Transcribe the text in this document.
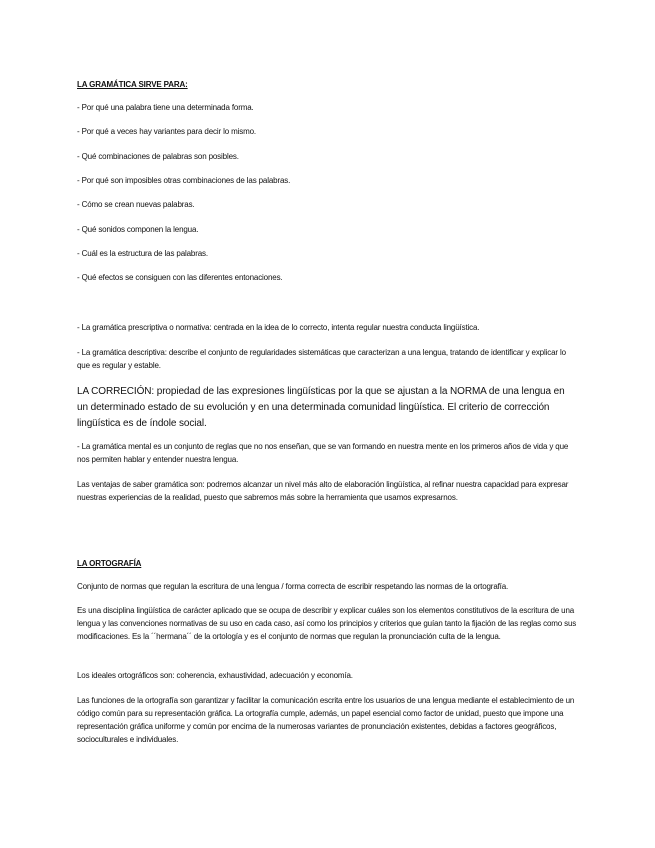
LA GRAMÁTICA SIRVE PARA:
- Por qué una palabra tiene una determinada forma.
- Por qué a veces hay variantes para decir lo mismo.
- Qué combinaciones de palabras son posibles.
- Por qué son imposibles otras combinaciones de las palabras.
- Cómo se crean nuevas palabras.
- Qué sonidos componen la lengua.
- Cuál es la estructura de las palabras.
- Qué efectos se consiguen con las diferentes entonaciones.
- La gramática prescriptiva o normativa: centrada en la idea de lo correcto, intenta regular nuestra conducta lingüística.
- La gramática descriptiva: describe el conjunto de regularidades sistemáticas que caracterizan a una lengua, tratando de identificar y explicar lo que es regular y estable.
LA CORRECIÓN: propiedad de las expresiones lingüísticas por la que se ajustan a la NORMA de una lengua en un determinado estado de su evolución y en una determinada comunidad lingüística. El criterio de corrección lingüística es de índole social.
- La gramática mental es un conjunto de reglas que no nos enseñan, que se van formando en nuestra mente en los primeros años de vida y que nos permiten hablar y entender nuestra lengua.
Las ventajas de saber gramática son: podremos alcanzar un nivel más alto de elaboración lingüística, al refinar nuestra capacidad para expresar nuestras experiencias de la realidad, puesto que sabremos más sobre la herramienta que usamos expresarnos.
LA ORTOGRAFÍA
Conjunto de normas que regulan la escritura de una lengua / forma correcta de escribir respetando las normas de la ortografía.
Es una disciplina lingüística de carácter aplicado que se ocupa de describir y explicar cuáles son los elementos constitutivos de la escritura de una lengua y las convenciones normativas de su uso en cada caso, así como los principios y criterios que guían tanto la fijación de las reglas como sus modificaciones. Es la ´´hermana´´ de la ortología y es el conjunto de normas que regulan la pronunciación culta de la lengua.
Los ideales ortográficos son: coherencia, exhaustividad, adecuación y economía.
Las funciones de la ortografía son garantizar y facilitar la comunicación escrita entre los usuarios de una lengua mediante el establecimiento de un código común para su representación gráfica. La ortografía cumple, además, un papel esencial como factor de unidad, puesto que impone una representación gráfica uniforme y común por encima de la numerosas variantes de pronunciación existentes, debidas a factores geográficos, socioculturales e individuales.
